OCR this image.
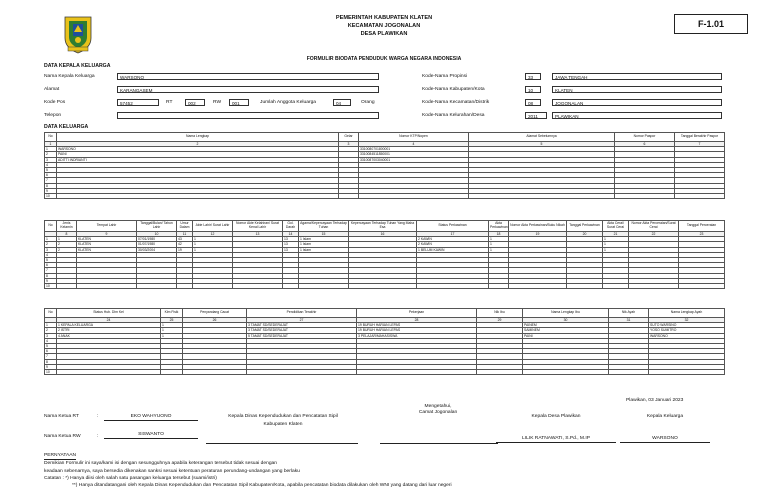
PEMERINTAH KABUPATEN KLATEN
KECAMATAN JOGONALAN
DESA PLAWIKAN
F-1.01
FORMULIR BIODATA PENDUDUK WARGA NEGARA INDONESIA
DATA KEPALA KELUARGA
Nama Kepala Keluarga	WARSONO
Alamat	KARANGASEM
Kode Pos	57452	RT	002	RW	001	Jumlah Anggota Keluarga	04	Orang
Telepon
Kode-Nama Propinsi	33	JAWA TENGAH
Kode-Nama Kabupaten/Kota	10	KLATEN
Kode-Nama Kecamatan/Distrik	08	JOGONALAN
Kode-Nama Kelurahan/Desa	2011	PLAWIKAN
DATA KELUARGA
No	Nama Lengkap	Gelar	Nomor KTP/Nopen	Alamat Sebelumnya	Nomor Paspor	Tanggal Berakhir Paspor
1	2	3	4	5	6	7
1	WARSONO		3310080701800001			
2	PAINI		3310084511850001			
3	ADITTI INDRIANTI		3310087003040001			
4						
5						
6						
7						
8						
9						
10						
No	Jenis Kelamin	Tempat Lahir	Tanggal/Bulan/ Tahun Lahir	Umur Dalam	Akte Lahir/ Surat Lahir	Nomor Akte Kelahiran/ Surat Kenal Lahir	Gol. Darah	Agama/Kepercayaan Terhadap Tuhan	Kepercayaan Terhadap Tuhan Yang Maha Esa	Status Perkawinan	Akta Perkawinan	Nomor Akta Perkawinan/Buku Nikah	Tanggal Perkawinan	Akta Cerai/ Surat Cerai	Nomor Akta Perceraian/Surat Cerai	Tanggal Perceraian
	8	9	10	11	12	13	14	15	16	17	18	19	20	21	22	23
1	1	KLATEN	07/01/1980	43	1		13	1 Islam		2 KAWIN	1			1		
2	2	KLATEN	01/07/1980	42	1		13	1 Islam		2 KAWIN	1			1		
3	2	KLATEN	30/03/2004	19	1		13	1 Islam		1 BELUM KAWIN	1			1		
4																
5																
6																
7																
8																
9																
10																
No	Status Hub. Dlm Kel	Klm Fisik	Penyandang Cacat	Pendidikan Terakhir	Pekerjaan	Nik Ibu	Nama Lengkap Ibu	Nik Ayah	Nama Lengkap Ayah
	24	25	26	27	28	29	30	31	32
1	1 KEPALA KELUARGA	1		3 TAMAT SD/SEDERAJAT	19 BURUH HARIAN LEPAS		PAINEM		SUTO WARSINO
2	2 ISTRI	1		3 TAMAT SD/SEDERAJAT	19 BURUH HARIAN LEPAS		SAMINEM		YOSO SUMITRO
3	4 ANAK	1		5 TAMAT SD/SEDERAJAT	3 PELAJAR/MAHASISWA		PAINI		WARSONO
4									
5									
6									
7									
8									
9									
10									
Plawikan, 03 Januari 2023
Nama Ketua RT	:	EKO WAHYUONO	Kepala Dinas Kependudukan dan Pencatatan Sipil
Kabupaten Klaten
Mengetahui,
Camat Jogonalan
Kepala Desa Plawikan	Kepala Keluarga
Nama Ketua RW	:	SISWANTO
LILIK RATNAWATI, S.Pd., M.IP	WARSONO
PERNYATAAN
Demikian Formulir ini saya/kami isi dengan sesungguhnya apabila keterangan tersebut tidak sesuai dengan
keadaan sebenarnya, saya bersedia dikenakan sanksi sesuai ketentuan peraturan perundang-undangan yang berlaku
Catatan : *) Hanya diisi oleh salah satu pasangan keluarga tersebut (suami/istri)
**) Hanya ditandatangani oleh Kepala Dinas Kependudukan dan Pencatatan Sipil Kabupaten/Kota, apabila pencatatan biodata dilakukan oleh WNI yang datang dari luar negeri
